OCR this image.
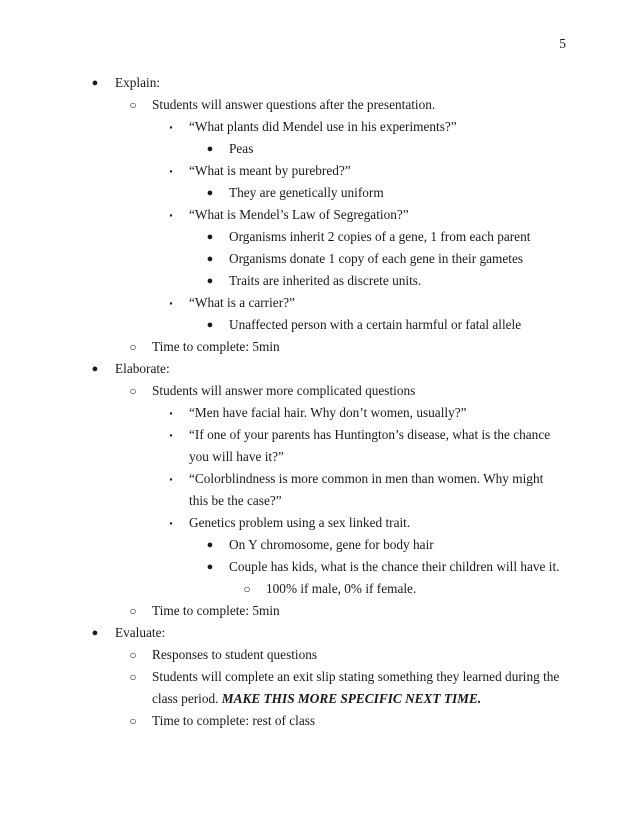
5
● Explain:
○ Students will answer questions after the presentation.
▪	“What plants did Mendel use in his experiments?”
● Peas
▪	“What is meant by purebred?”
● They are genetically uniform
▪	“What is Mendel’s Law of Segregation?”
● Organisms inherit 2 copies of a gene, 1 from each parent
● Organisms donate 1 copy of each gene in their gametes
● Traits are inherited as discrete units.
▪	“What is a carrier?”
● Unaffected person with a certain harmful or fatal allele
○ Time to complete: 5min
● Elaborate:
○ Students will answer more complicated questions
▪	“Men have facial hair. Why don’t women, usually?”
▪	“If one of your parents has Huntington’s disease, what is the chance you will have it?”
▪	“Colorblindness is more common in men than women. Why might this be the case?”
▪	Genetics problem using a sex linked trait.
● On Y chromosome, gene for body hair
● Couple has kids, what is the chance their children will have it.
○ 100% if male, 0% if female.
○ Time to complete: 5min
● Evaluate:
○ Responses to student questions
○ Students will complete an exit slip stating something they learned during the class period. MAKE THIS MORE SPECIFIC NEXT TIME.
○ Time to complete: rest of class
